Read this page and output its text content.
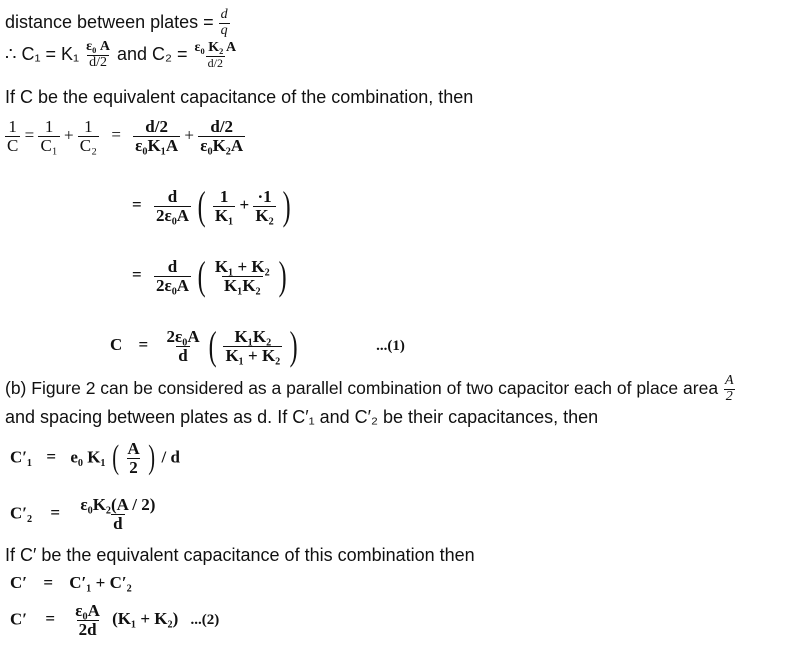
distance between plates = $\frac{d}{q}$
∴ $C_1 = K_1 \frac{\text{ε₀ A}}{d/2}$ and $C_2 = \frac{\text{ε₀ K₂ A}}{d/2}$
If C be the equivalent capacitance of the combination, then
$\frac{1}{C} = \frac{1}{\text{C₁}} + \frac{1}{\text{C₂}} = \frac{d/2}{\text{ε₀K₁A}} + \frac{d/2}{\text{ε₀K₂A}}$
= $\frac{d}{\text{2ε₀A}}$ ( $\frac{1}{\text{K₁}} + \frac{\cdot 1}{\text{K₂}}$ )
= $\frac{d}{\text{2ε₀A}}$ ( $\frac{\text{K₁ + K₂}}{\text{K₁K₂}}$ )
$C = \frac{\text{2ε₀A}}{d}$ ( $\frac{\text{K₁K₂}}{\text{K₁ + K₂}}$ )	...(1)
(b) Figure 2 can be considered as a parallel combination of two capacitor each of place area $\frac{A}{2}$
and spacing between plates as d. If C′₁ and C′₂ be their capacitances, then
C′₁ = e₀ K₁ ( $\frac{A}{2}$ ) / d
$C'_2 = \frac{\text{ε₀K₂(A / 2)}}{d}$
If C′ be the equivalent capacitance of this combination then
C′ = C′₁ + C′₂
$C' = \frac{\text{ε₀A}}{2d} (K_1 + K_2)$ ...(2)
